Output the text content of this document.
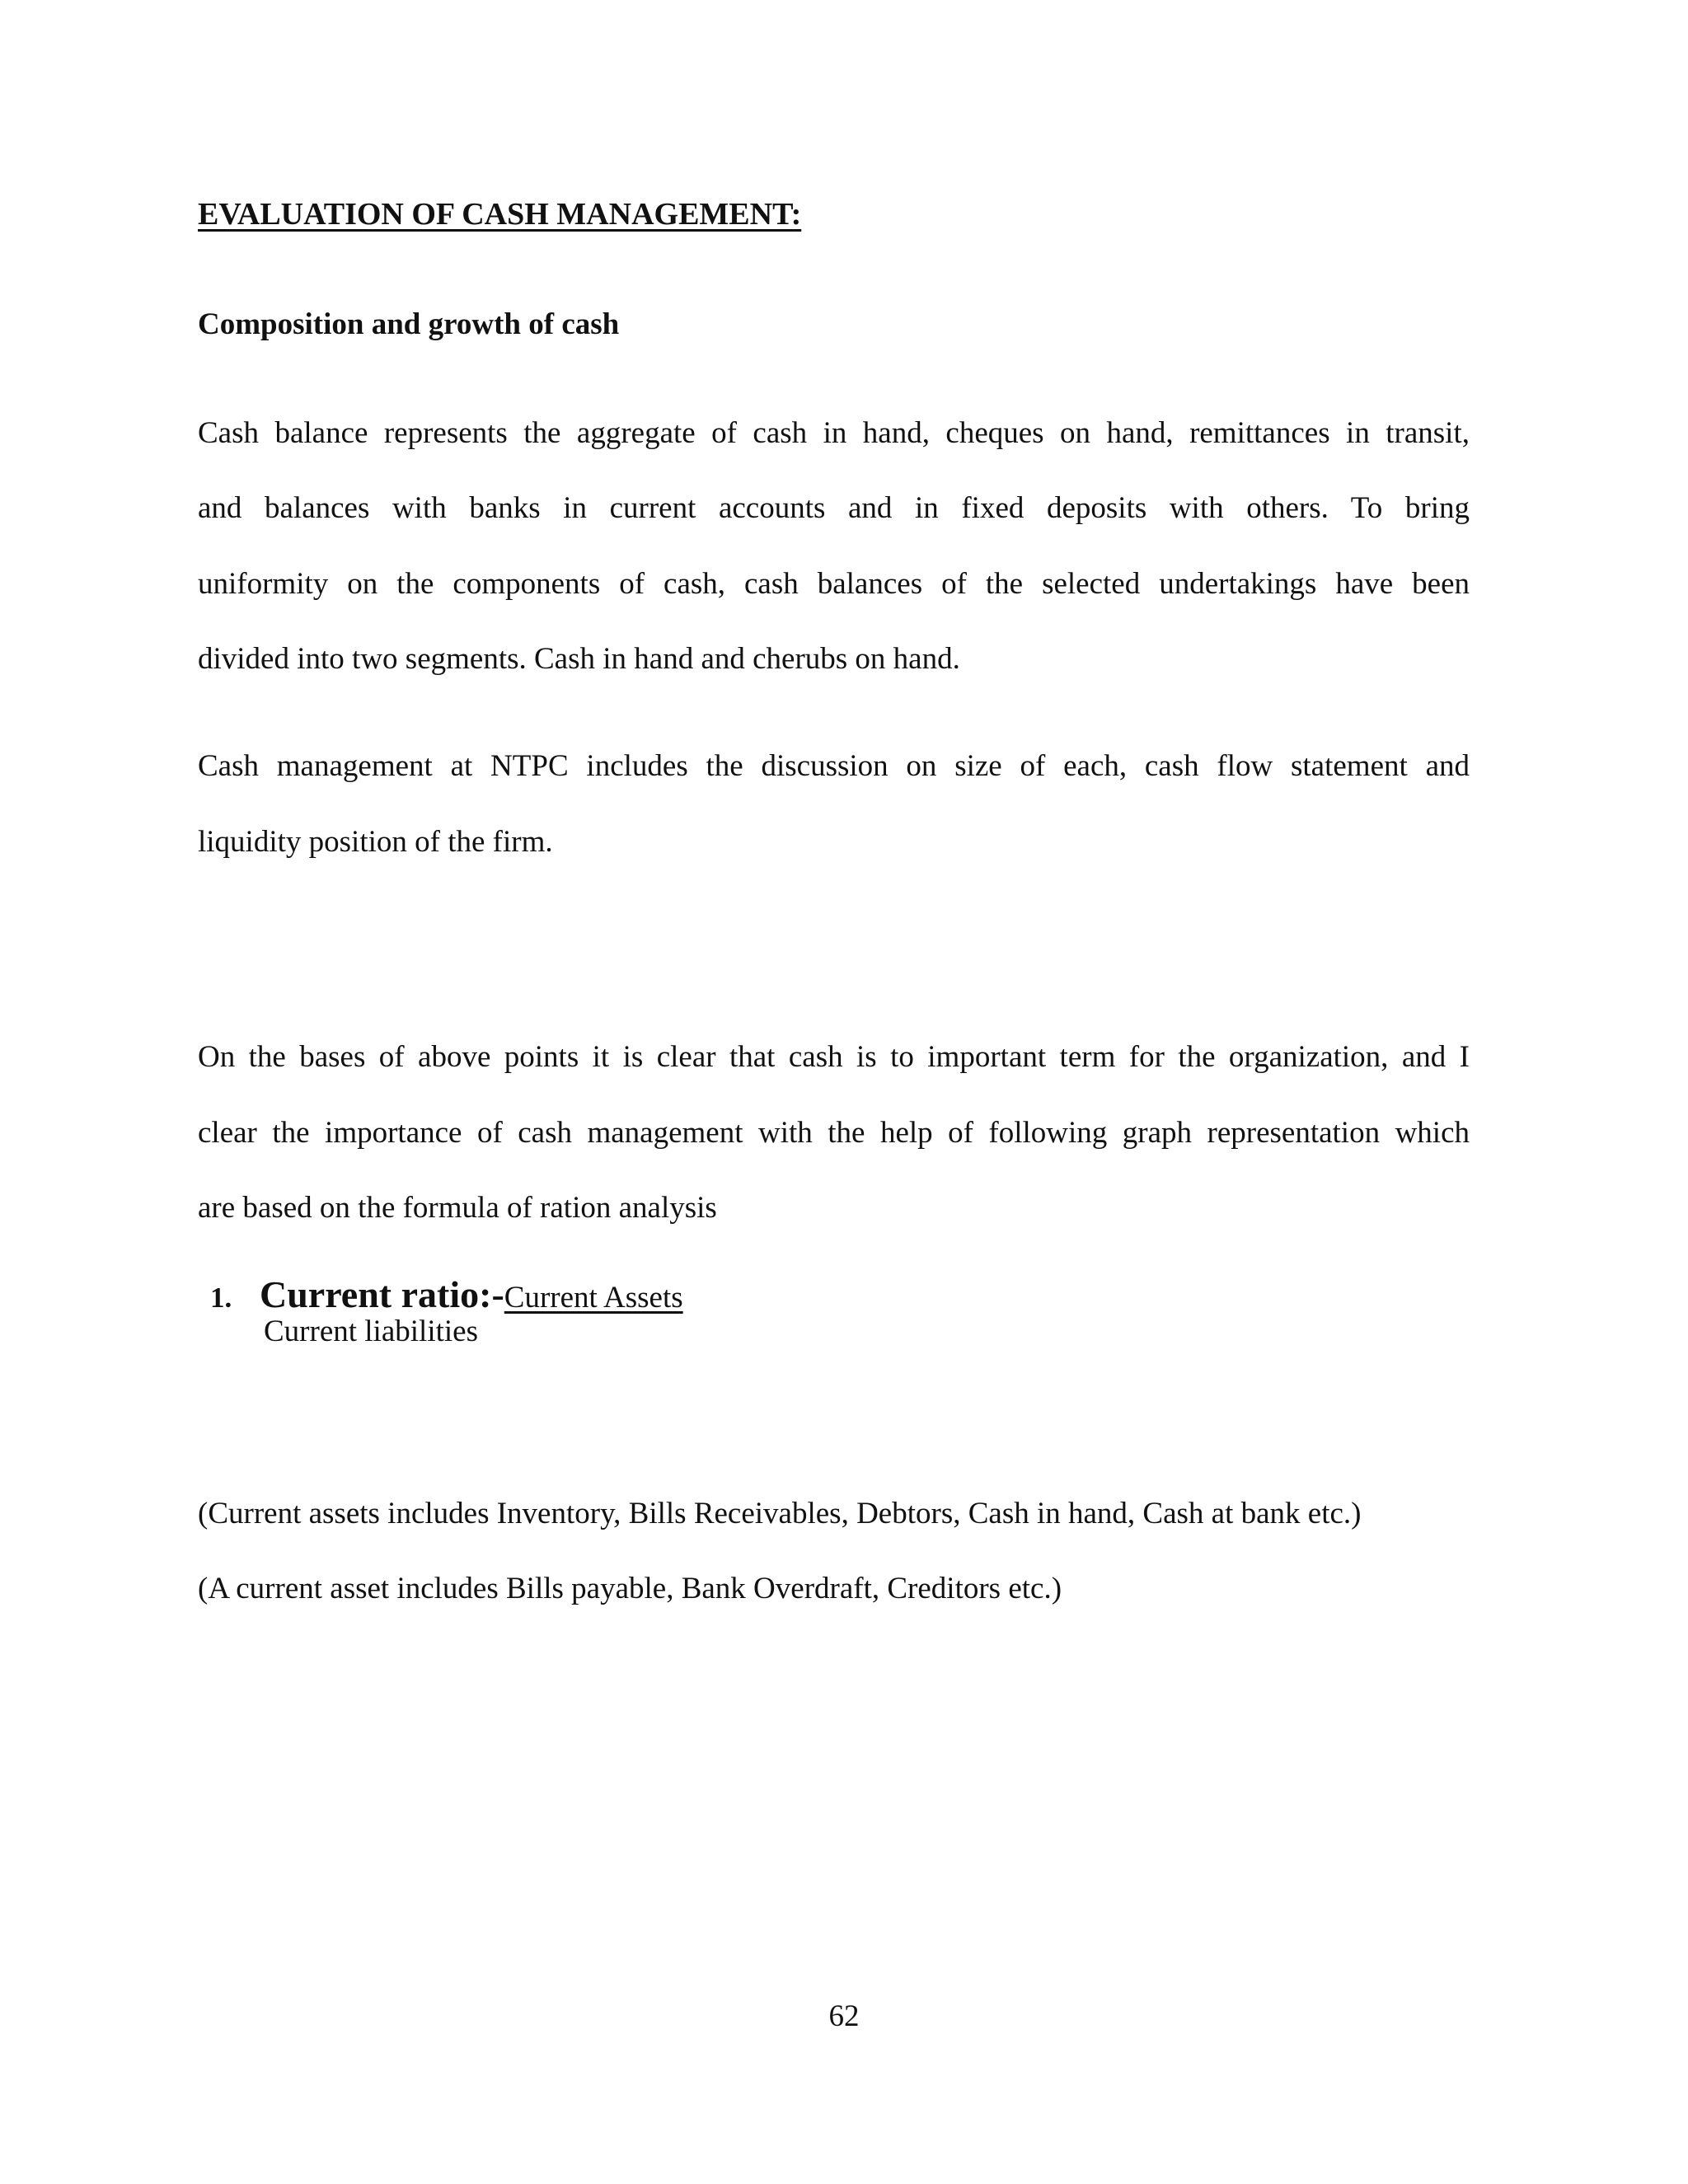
EVALUATION OF CASH MANAGEMENT:
Composition and growth of cash

Cash balance represents the aggregate of cash in hand, cheques on hand, remittances in transit,

and balances with banks in current accounts and in fixed deposits with others. To bring

uniformity on the components of cash, cash balances of the selected undertakings have been

divided into two segments. Cash in hand and cherubs on hand.

Cash management at NTPC includes the discussion on size of each, cash flow statement and

liquidity position of the firm.

On the bases of above points it is clear that cash is to important term for the organization, and I

clear the importance of cash management with the help of following graph representation which

are based on the formula of ration analysis

1. Current ratio:- Current Assets
Current liabilities

(Current assets includes Inventory, Bills Receivables, Debtors, Cash in hand, Cash at bank etc.)

(A current asset includes Bills payable, Bank Overdraft, Creditors etc.)

62
